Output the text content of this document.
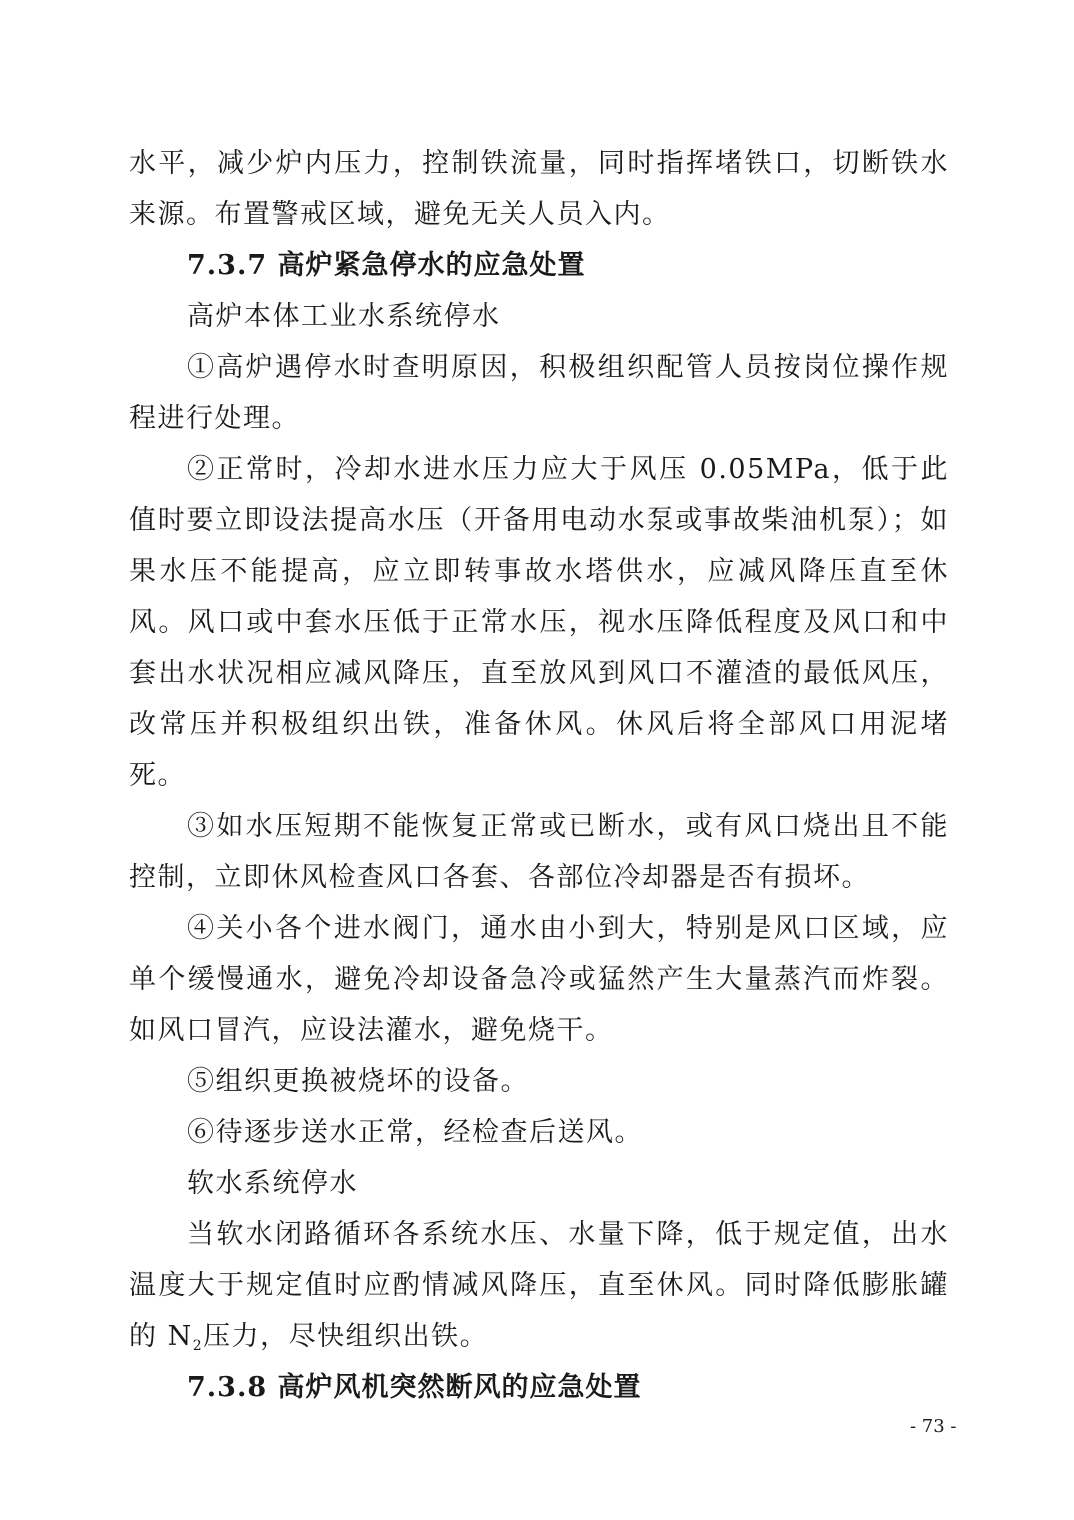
水平，减少炉内压力，控制铁流量，同时指挥堵铁口，切断铁水来源。布置警戒区域，避免无关人员入内。

7.3.7 高炉紧急停水的应急处置

高炉本体工业水系统停水

①高炉遇停水时查明原因，积极组织配管人员按岗位操作规程进行处理。

②正常时，冷却水进水压力应大于风压 0.05MPa，低于此值时要立即设法提高水压（开备用电动水泵或事故柴油机泵）；如果水压不能提高，应立即转事故水塔供水，应减风降压直至休风。风口或中套水压低于正常水压，视水压降低程度及风口和中套出水状况相应减风降压，直至放风到风口不灌渣的最低风压，改常压并积极组织出铁，准备休风。休风后将全部风口用泥堵死。

③如水压短期不能恢复正常或已断水，或有风口烧出且不能控制，立即休风检查风口各套、各部位冷却器是否有损坏。

④关小各个进水阀门，通水由小到大，特别是风口区域，应单个缓慢通水，避免冷却设备急冷或猛然产生大量蒸汽而炸裂。如风口冒汽，应设法灌水，避免烧干。

⑤组织更换被烧坏的设备。

⑥待逐步送水正常，经检查后送风。

软水系统停水

当软水闭路循环各系统水压、水量下降，低于规定值，出水温度大于规定值时应酌情减风降压，直至休风。同时降低膨胀罐的 $N_2$压力，尽快组织出铁。

7.3.8 高炉风机突然断风的应急处置

- 73 -
